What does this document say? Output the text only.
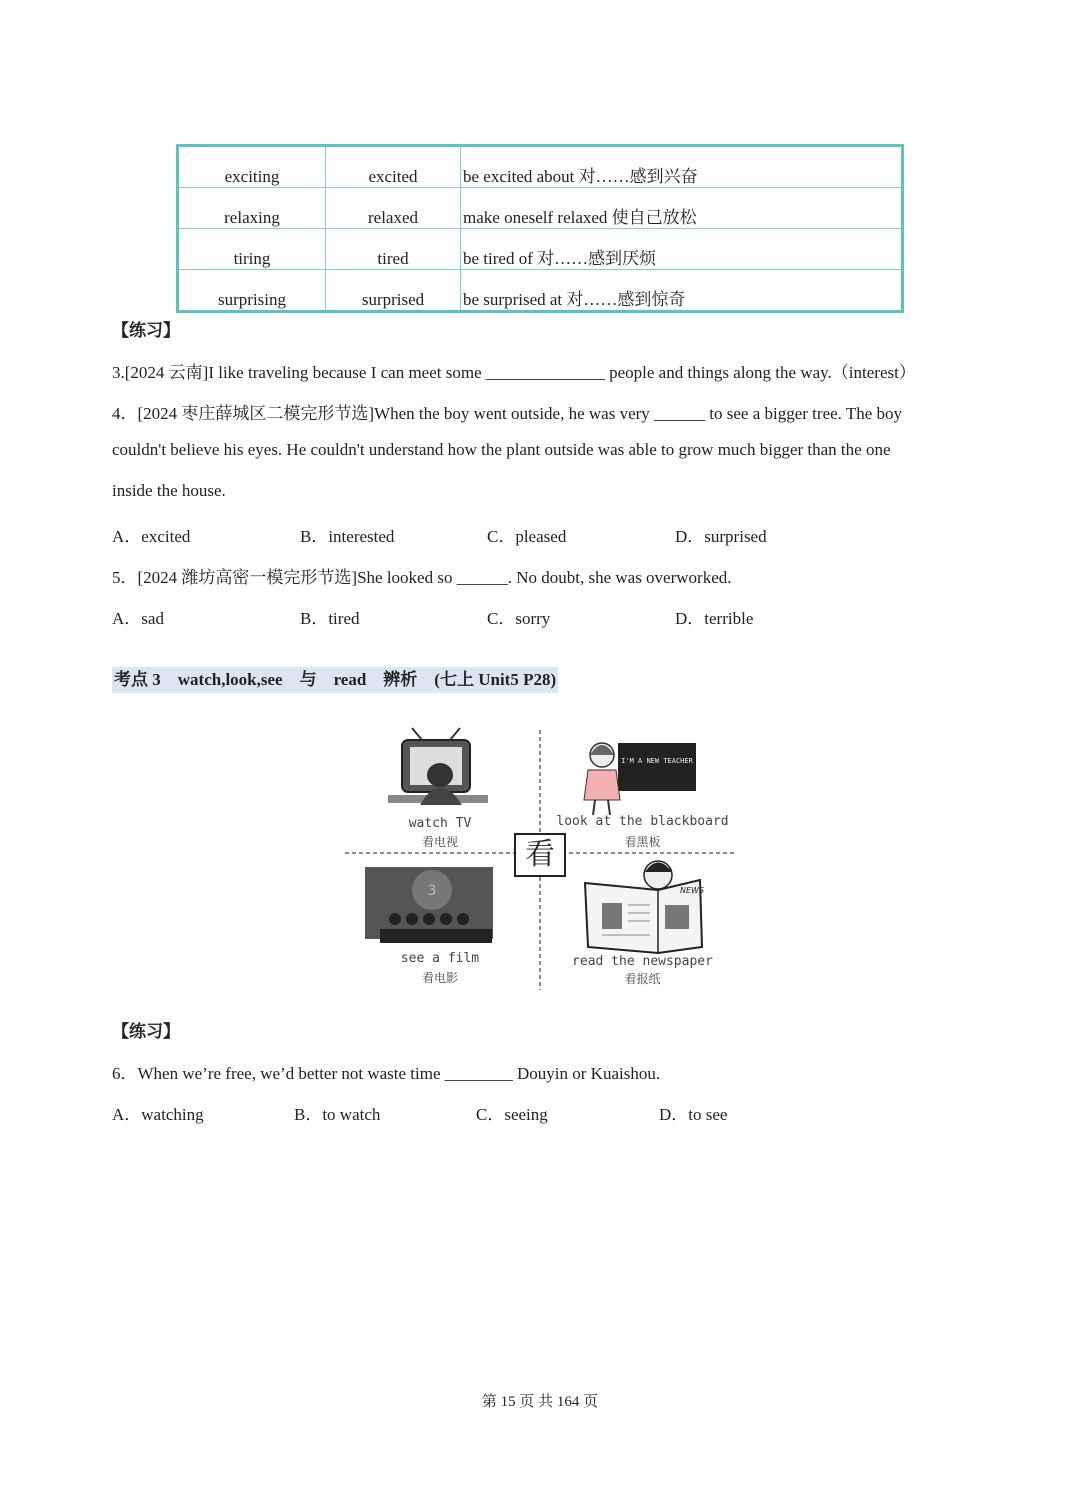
exciting	excited	be excited about 对……感到兴奋
relaxing	relaxed	make oneself relaxed 使自己放松
tiring	tired	be tired of 对……感到厌烦
surprising	surprised	be surprised at 对……感到惊奇
【练习】
3.[2024 云南]I like traveling because I can meet some ______________ people and things along the way.（interest）
4．[2024 枣庄薛城区二模完形节选]When the boy went outside, he was very ______ to see a bigger tree. The boy
couldn't believe his eyes. He couldn't understand how the plant outside was able to grow much bigger than the one
inside the house.
A．excited	B．interested	C．pleased	D．surprised
5．[2024 潍坊高密一模完形节选]She looked so ______. No doubt, she was overworked.
A．sad	B．tired	C．sorry	D．terrible
考点 3　watch,look,see　与　read　辨析　(七上 Unit5 P28)
I'M A NEW TEACHER
3	NEWS
看
watch TV
看电视
look at the blackboard
看黑板
see a film
看电影
read the newspaper
看报纸
【练习】
6．When we’re free, we’d better not waste time ________ Douyin or Kuaishou.
A．watching	B．to watch	C．seeing	D．to see
第 15 页 共 164 页
